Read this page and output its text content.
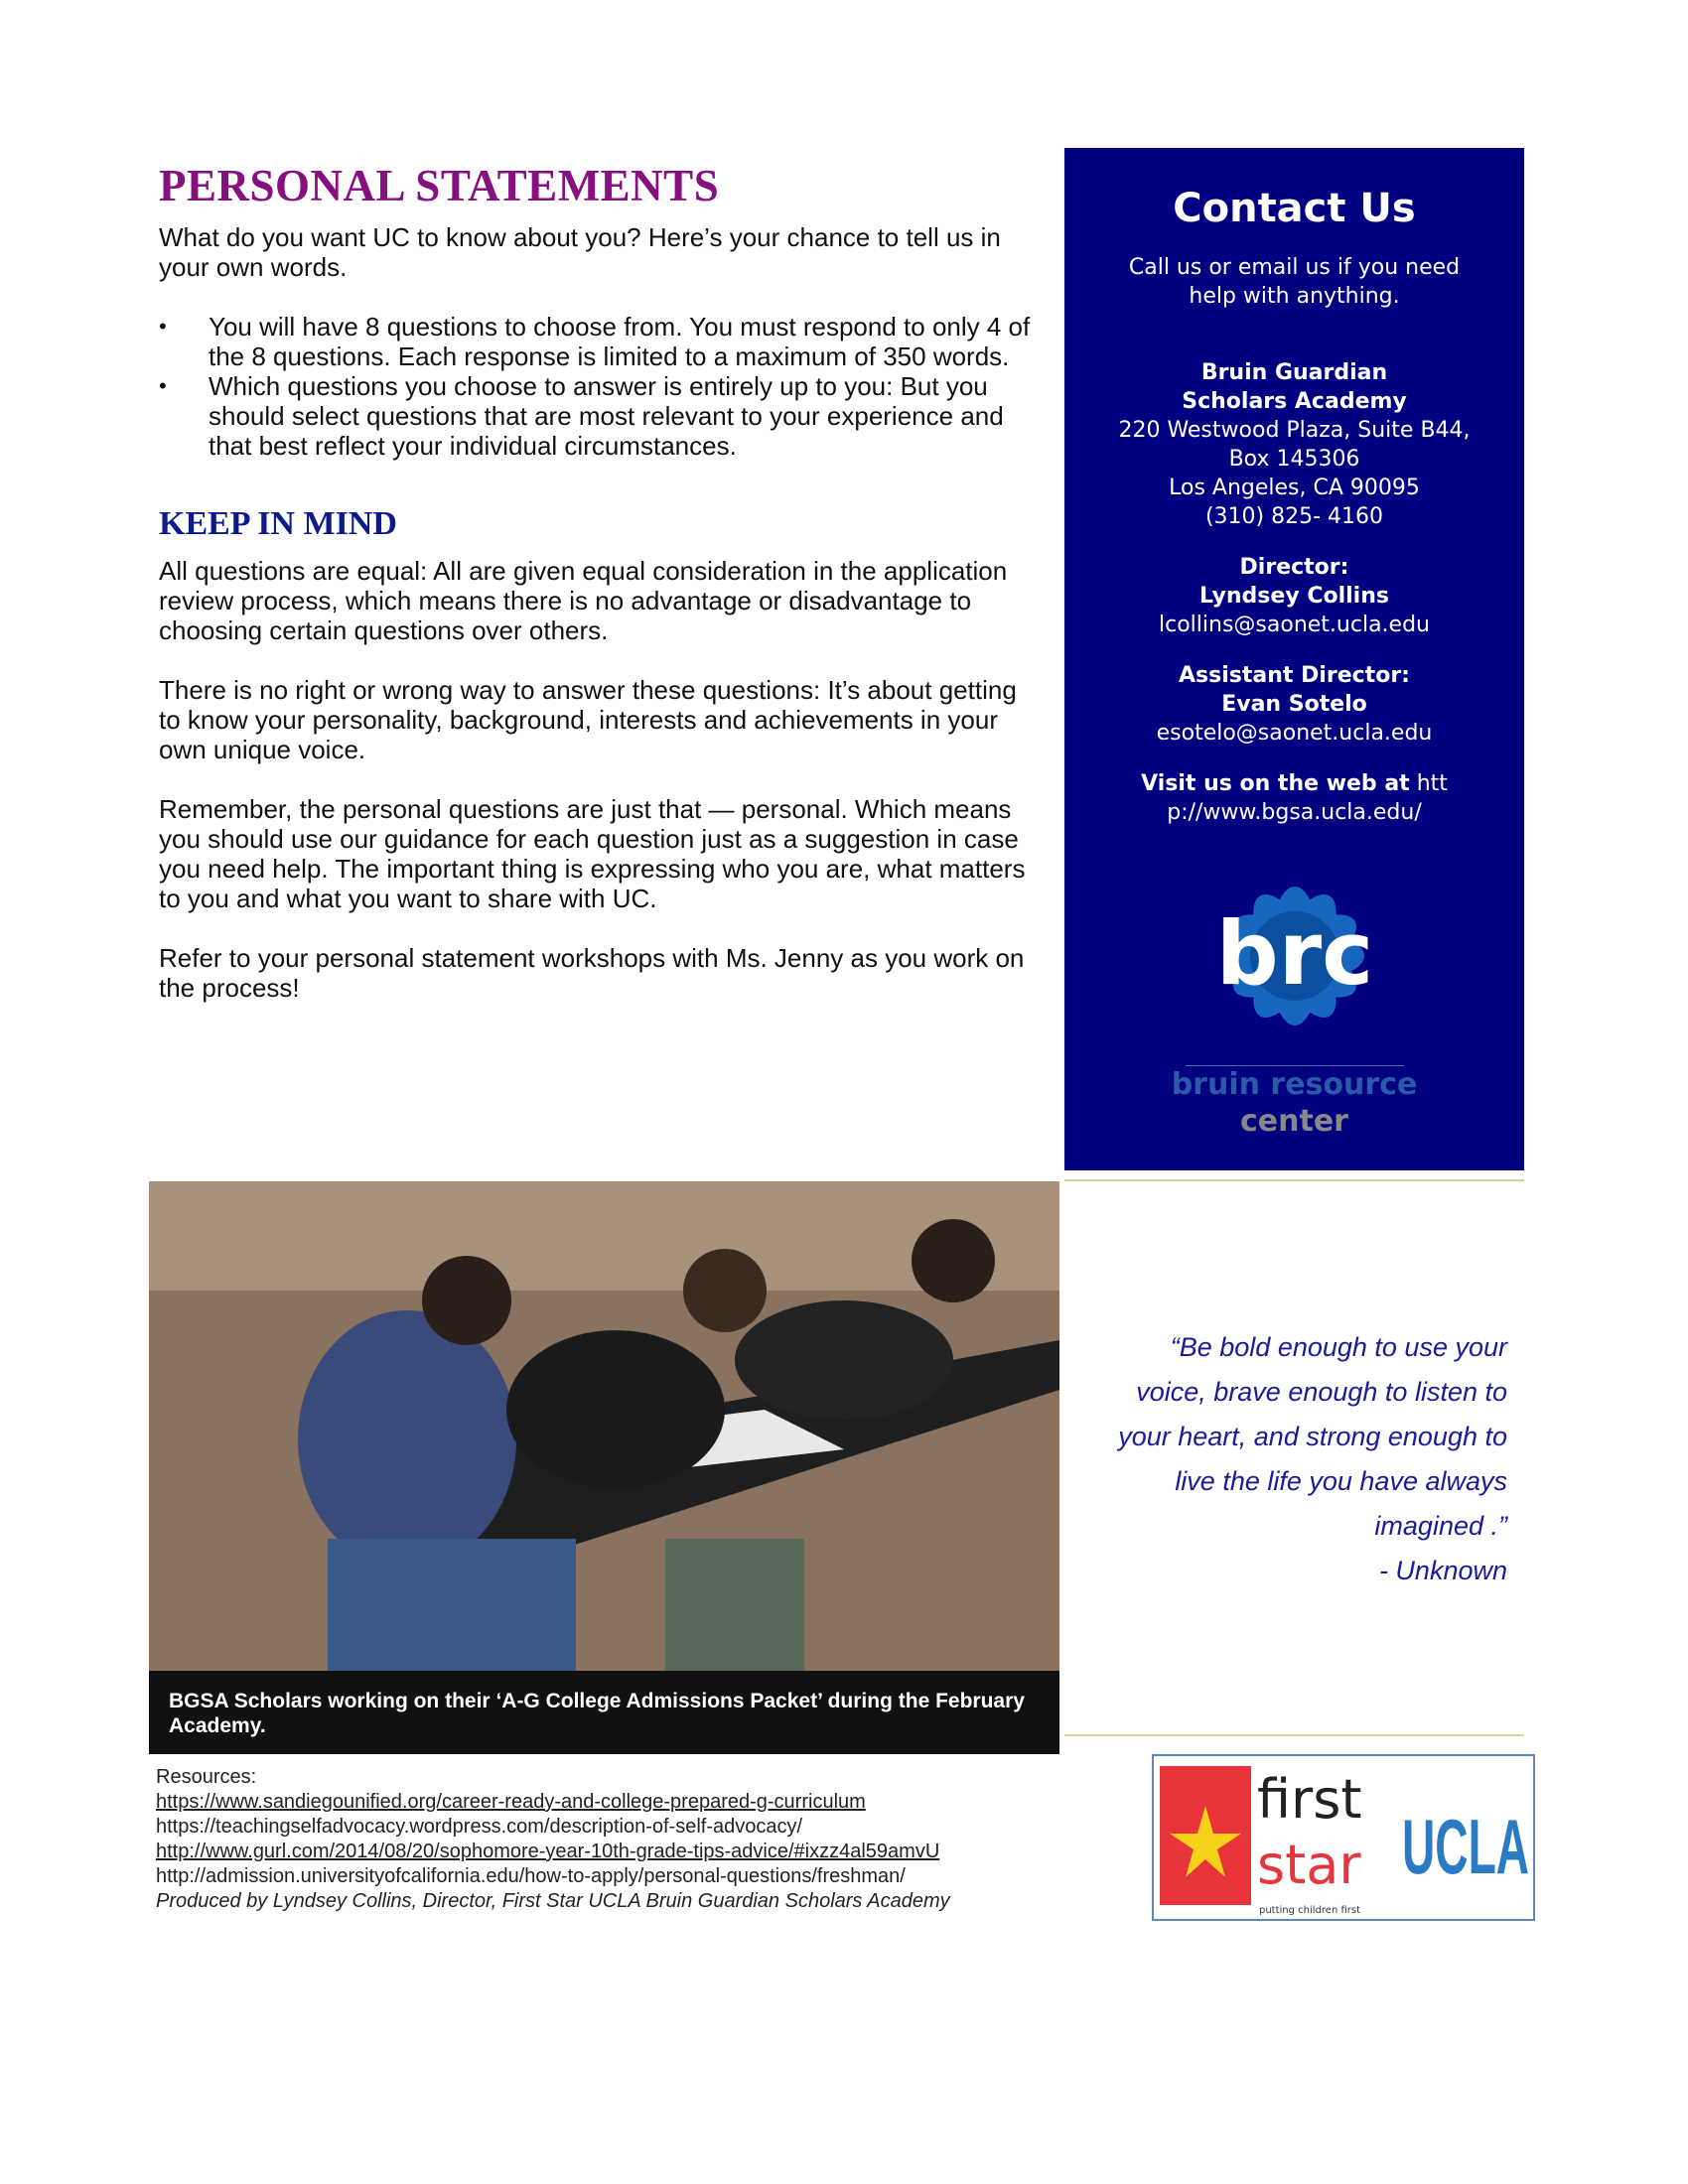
PERSONAL STATEMENTS

What do you want UC to know about you? Here’s your chance to tell us in your own words.

• You will have 8 questions to choose from. You must respond to only 4 of the 8 questions. Each response is limited to a maximum of 350 words.
• Which questions you choose to answer is entirely up to you: But you should select questions that are most relevant to your experience and that best reflect your individual circumstances.
KEEP IN MIND

All questions are equal: All are given equal consideration in the application review process, which means there is no advantage or disadvantage to choosing certain questions over others.

There is no right or wrong way to answer these questions: It’s about getting to know your personality, background, interests and achievements in your own unique voice.

Remember, the personal questions are just that — personal. Which means you should use our guidance for each question just as a suggestion in case you need help. The important thing is expressing who you are, what matters to you and what you want to share with UC.

Refer to your personal statement workshops with Ms. Jenny as you work on the process!

Contact Us
Call us or email us if you need help with anything.
Bruin Guardian
Scholars Academy
220 Westwood Plaza, Suite B44,
Box 145306
Los Angeles, CA 90095
(310) 825- 4160
Director:
Lyndsey Collins
lcollins@saonet.ucla.edu
Assistant Director:
Evan Sotelo
esotelo@saonet.ucla.edu
Visit us on the web at http://www.bgsa.ucla.edu/
brc
bruin resource
center
BGSA Scholars working on their ‘A-G College Admissions Packet’ during the February Academy.
“Be bold enough to use your
voice, brave enough to listen to
your heart, and strong enough to
live the life you have always
imagined .”
- Unknown
Resources:
https://www.sandiegounified.org/career-ready-and-college-prepared-g-curriculum
https://teachingselfadvocacy.wordpress.com/description-of-self-advocacy/
http://www.gurl.com/2014/08/20/sophomore-year-10th-grade-tips-advice/#ixzz4al59amvU
http://admission.universityofcalifornia.edu/how-to-apply/personal-questions/freshman/
Produced by Lyndsey Collins, Director, First Star UCLA Bruin Guardian Scholars Academy
first
star UCLA
putting children first
